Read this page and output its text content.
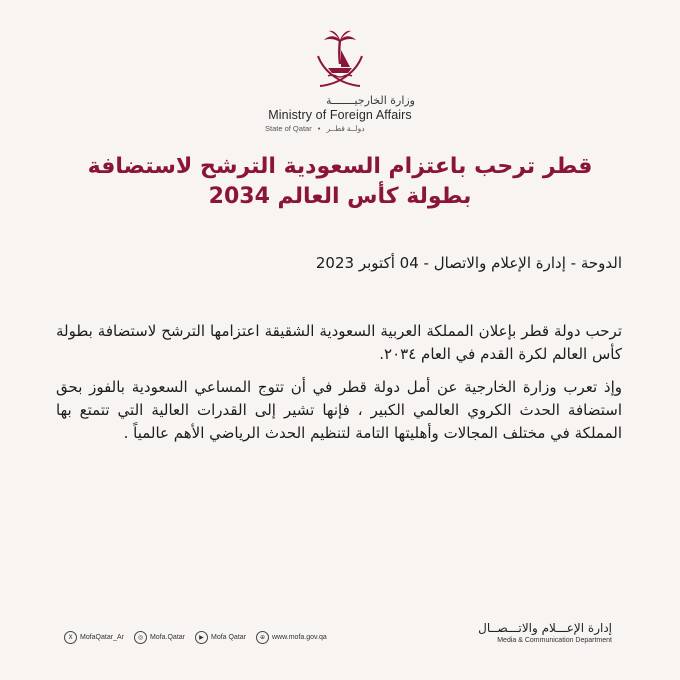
وزارة الخارجيـــــــة
Ministry of Foreign Affairs
State of Qatar • دولــة قطــر
قطر ترحب باعتزام السعودية الترشح لاستضافة بطولة كأس العالم 2034
الدوحة - إدارة الإعلام والاتصال - 04 أكتوبر 2023

ترحب دولة قطر بإعلان المملكة العربية السعودية الشقيقة اعتزامها الترشح لاستضافة بطولة كأس العالم لكرة القدم في العام ٢٠٣٤.

وإذ تعرب وزارة الخارجية عن أمل دولة قطر في أن تتوج المساعي السعودية بالفوز بحق استضافة الحدث الكروي العالمي الكبير ، فإنها تشير إلى القدرات العالية التي تتمتع بها المملكة في مختلف المجالات وأهليتها التامة لتنظيم الحدث الرياضي الأهم عالمياً .

X	MofaQatar_Ar	◎ Mofa.Qatar	▶	Mofa Qatar	⊕ www.mofa.gov.qa
إدارة الإعـــلام والاتـــصــال
Media & Communication Department
